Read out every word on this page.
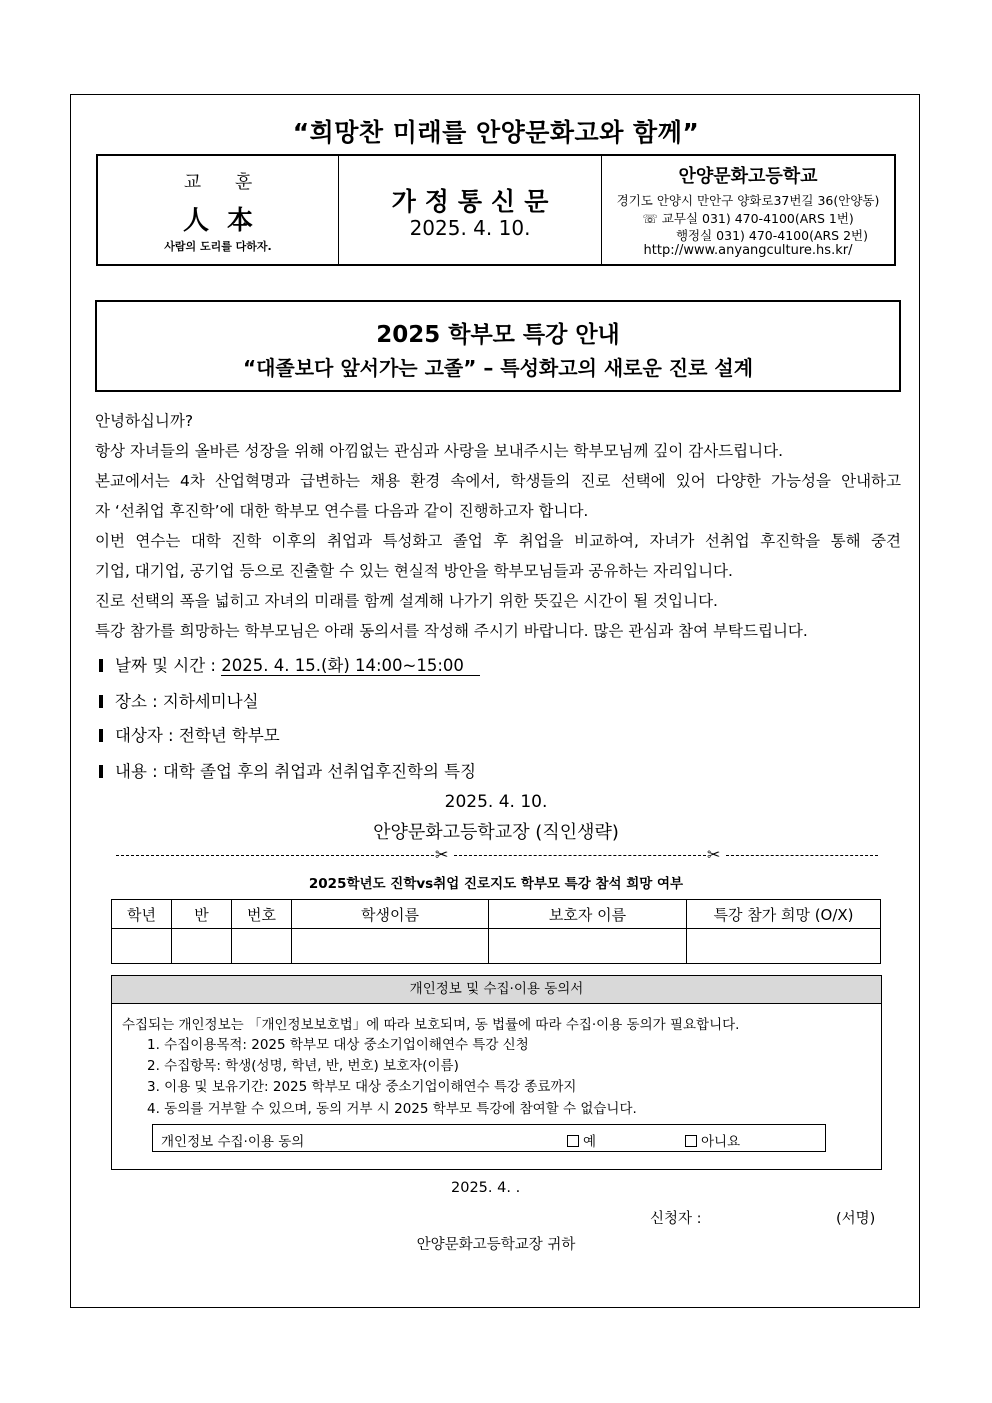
“희망찬 미래를 안양문화고와 함께”
교 훈
人本
사람의 도리를 다하자.
가정통신문
2025. 4. 10.
안양문화고등학교
경기도 안양시 만안구 양화로37번길 36(안양동)
☏ 교무실 031) 470-4100(ARS 1번)
행정실 031) 470-4100(ARS 2번)
http://www.anyangculture.hs.kr/
2025 학부모 특강 안내
“대졸보다 앞서가는 고졸” – 특성화고의 새로운 진로 설계

안녕하십니까?

항상 자녀들의 올바른 성장을 위해 아낌없는 관심과 사랑을 보내주시는 학부모님께 깊이 감사드립니다.

본교에서는 4차 산업혁명과 급변하는 채용 환경 속에서, 학생들의 진로 선택에 있어 다양한 가능성을 안내하고

자 ‘선취업 후진학’에 대한 학부모 연수를 다음과 같이 진행하고자 합니다.

이번 연수는 대학 진학 이후의 취업과 특성화고 졸업 후 취업을 비교하여, 자녀가 선취업 후진학을 통해 중견

기업, 대기업, 공기업 등으로 진출할 수 있는 현실적 방안을 학부모님들과 공유하는 자리입니다.

진로 선택의 폭을 넓히고 자녀의 미래를 함께 설계해 나가기 위한 뜻깊은 시간이 될 것입니다.

특강 참가를 희망하는 학부모님은 아래 동의서를 작성해 주시기 바랍니다. 많은 관심과 참여 부탁드립니다.

날짜 및 시간 : 2025. 4. 15.(화) 14:00~15:00
장소 : 지하세미나실
대상자 : 전학년 학부모
내용 : 대학 졸업 후의 취업과 선취업후진학의 특징
2025. 4. 10.
안양문화고등학교장 (직인생략)
✂	✂
2025학년도 진학vs취업 진로지도 학부모 특강 참석 희망 여부
학년	반	번호	학생이름	보호자 이름	특강 참가 희망 (O/X)

개인정보 및 수집·이용 동의서
수집되는 개인정보는 「개인정보보호법」에 따라 보호되며, 동 법률에 따라 수집·이용 동의가 필요합니다.
1. 수집이용목적: 2025 학부모 대상 중소기업이해연수 특강 신청
2. 수집항목: 학생(성명, 학년, 반, 번호) 보호자(이름)
3. 이용 및 보유기간: 2025 학부모 대상 중소기업이해연수 특강 종료까지
4. 동의를 거부할 수 있으며, 동의 거부 시 2025 학부모 특강에 참여할 수 없습니다.
개인정보 수집·이용 동의	예	아니요
2025. 4. .
신청자 :	(서명)
안양문화고등학교장 귀하
